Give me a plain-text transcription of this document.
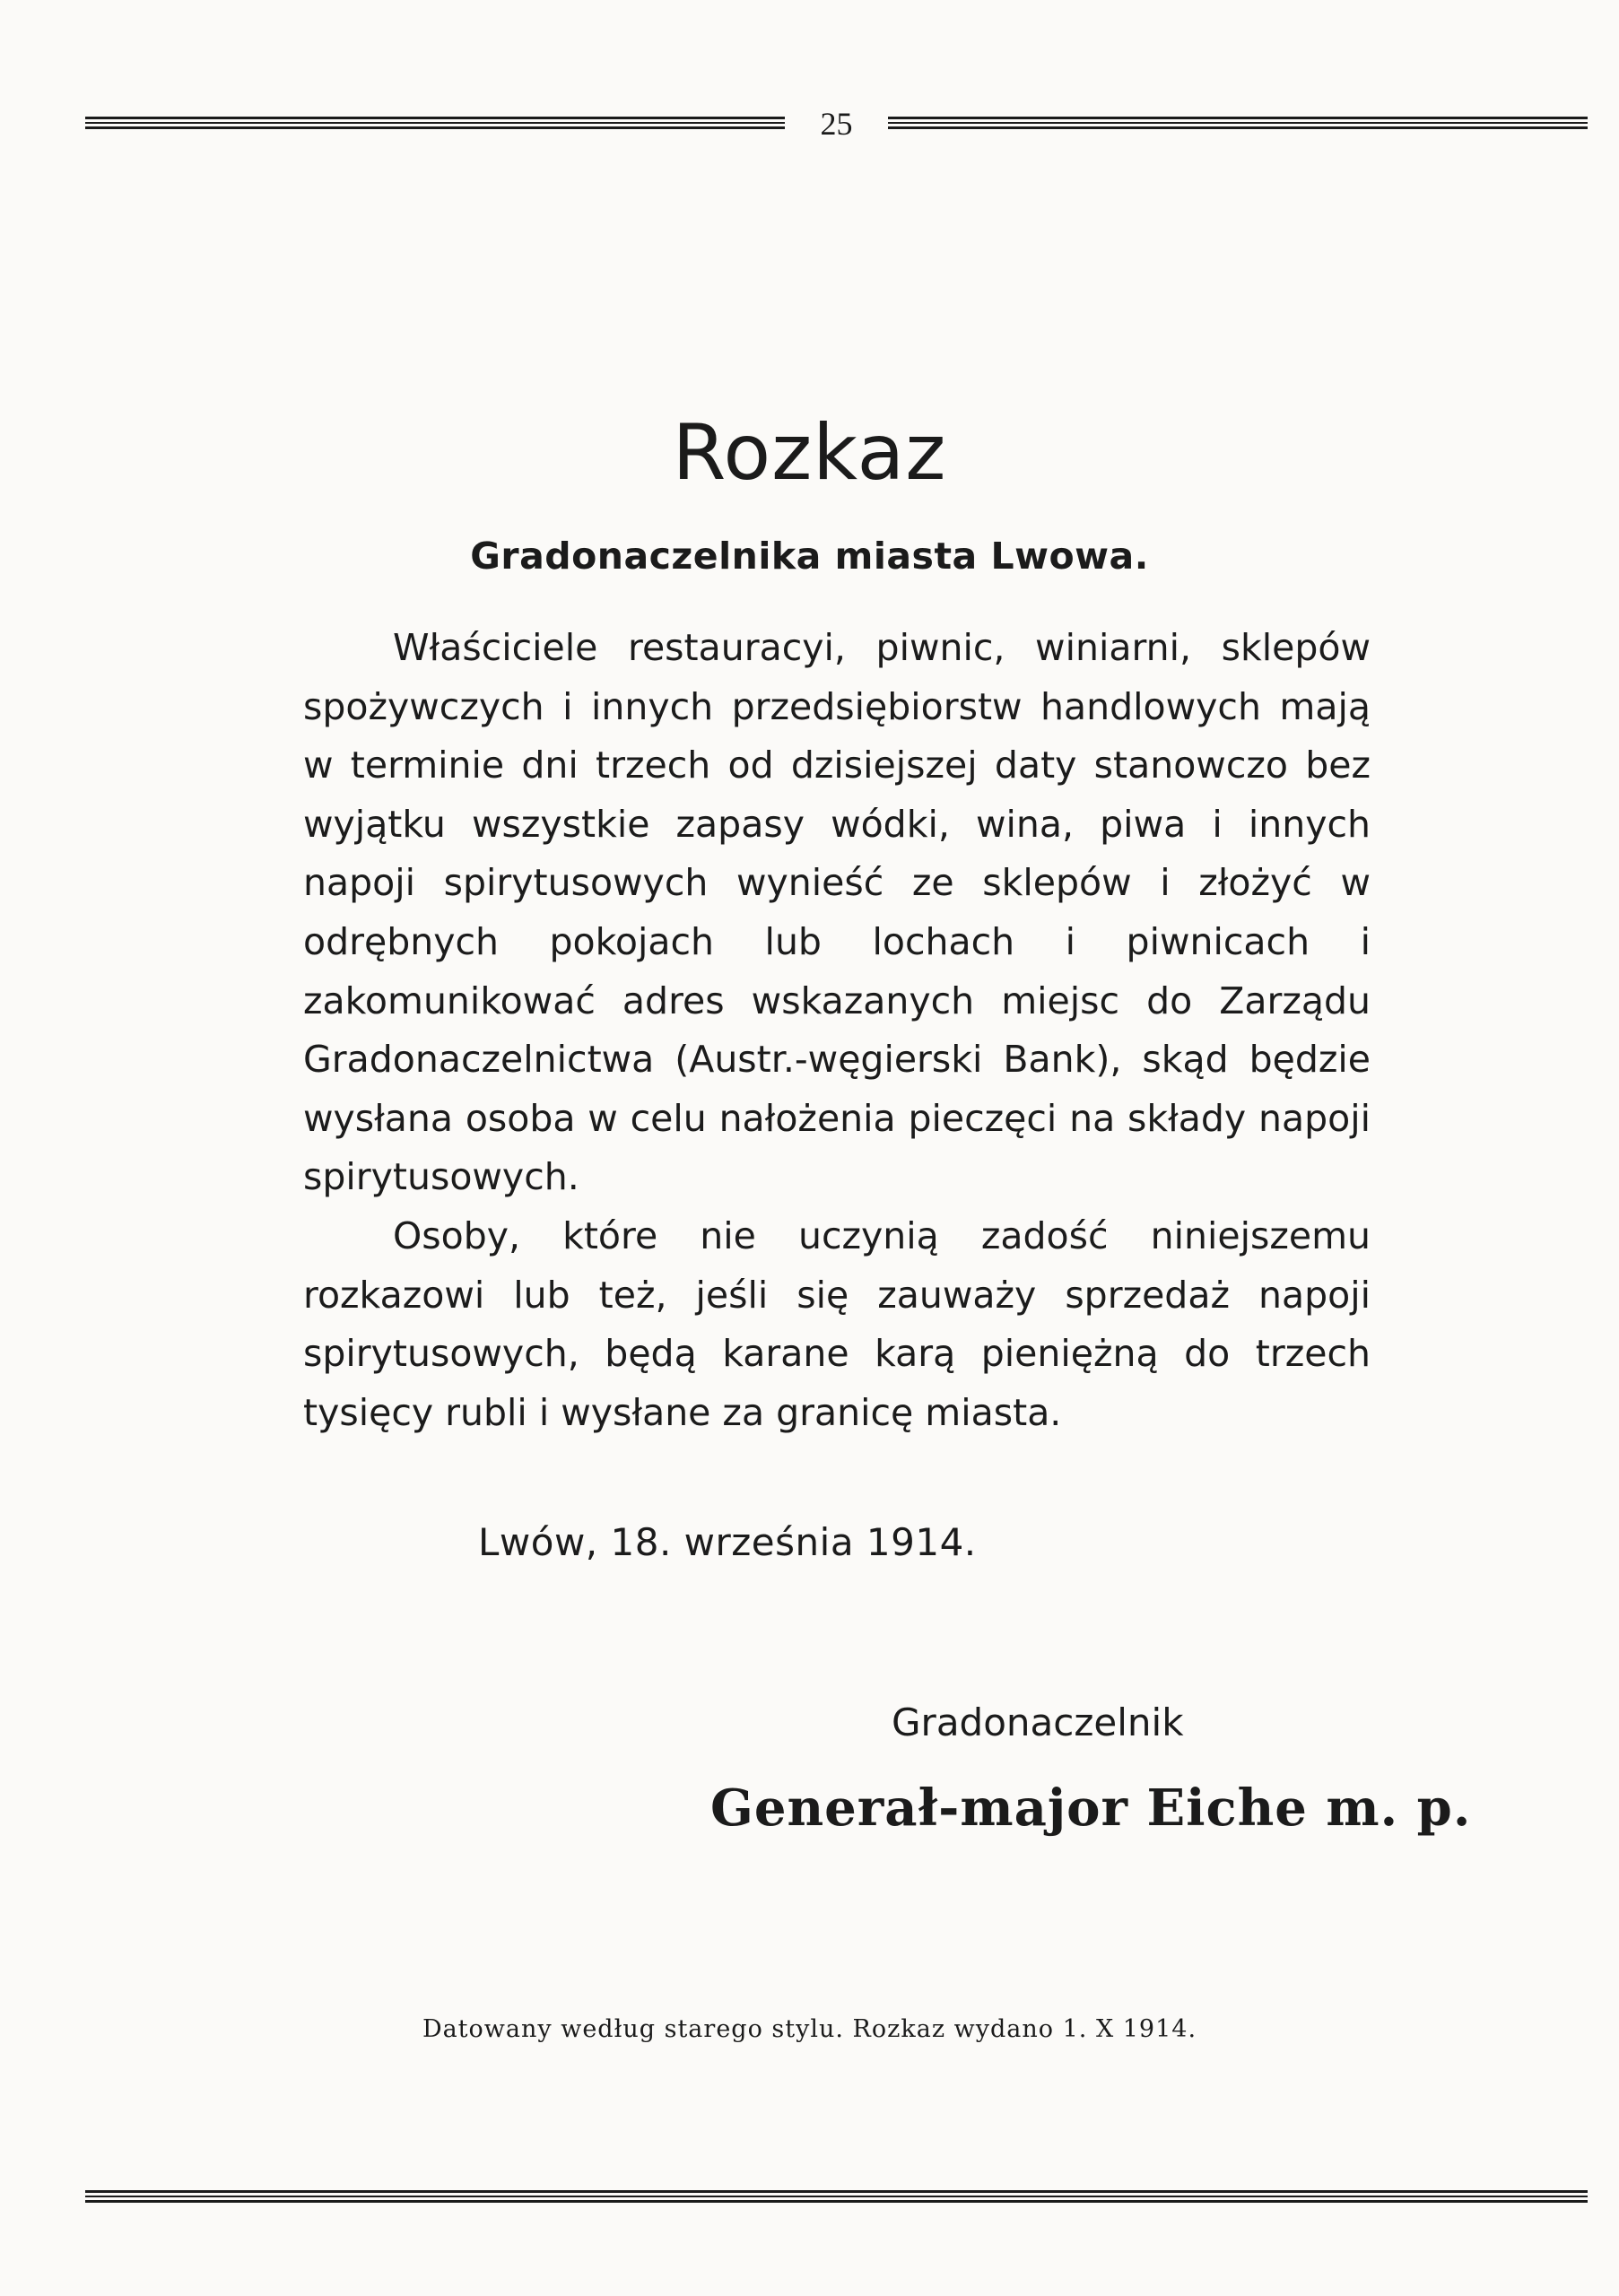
25
Rozkaz
Gradonaczelnika miasta Lwowa.

Właściciele restauracyi, piwnic, winiarni, sklepów spożywczych i innych przedsiębiorstw handlowych mają w terminie dni trzech od dzisiejszej daty stanowczo bez wyjątku wszystkie zapasy wódki, wina, piwa i innych napoji spirytusowych wynieść ze sklepów i złożyć w odrębnych pokojach lub lochach i piwnicach i zakomunikować adres wskazanych miejsc do Zarządu Gradonaczelnictwa (Austr.-węgierski Bank), skąd będzie wysłana osoba w celu nałożenia pieczęci na składy napoji spirytusowych.

Osoby, które nie uczynią zadość niniejszemu rozkazowi lub też, jeśli się zauważy sprzedaż napoji spirytusowych, będą karane karą pieniężną do trzech tysięcy rubli i wysłane za granicę miasta.

Lwów, 18. września 1914.
Gradonaczelnik
Generał-major Eiche m. p.
Datowany według starego stylu. Rozkaz wydano 1. X 1914.
